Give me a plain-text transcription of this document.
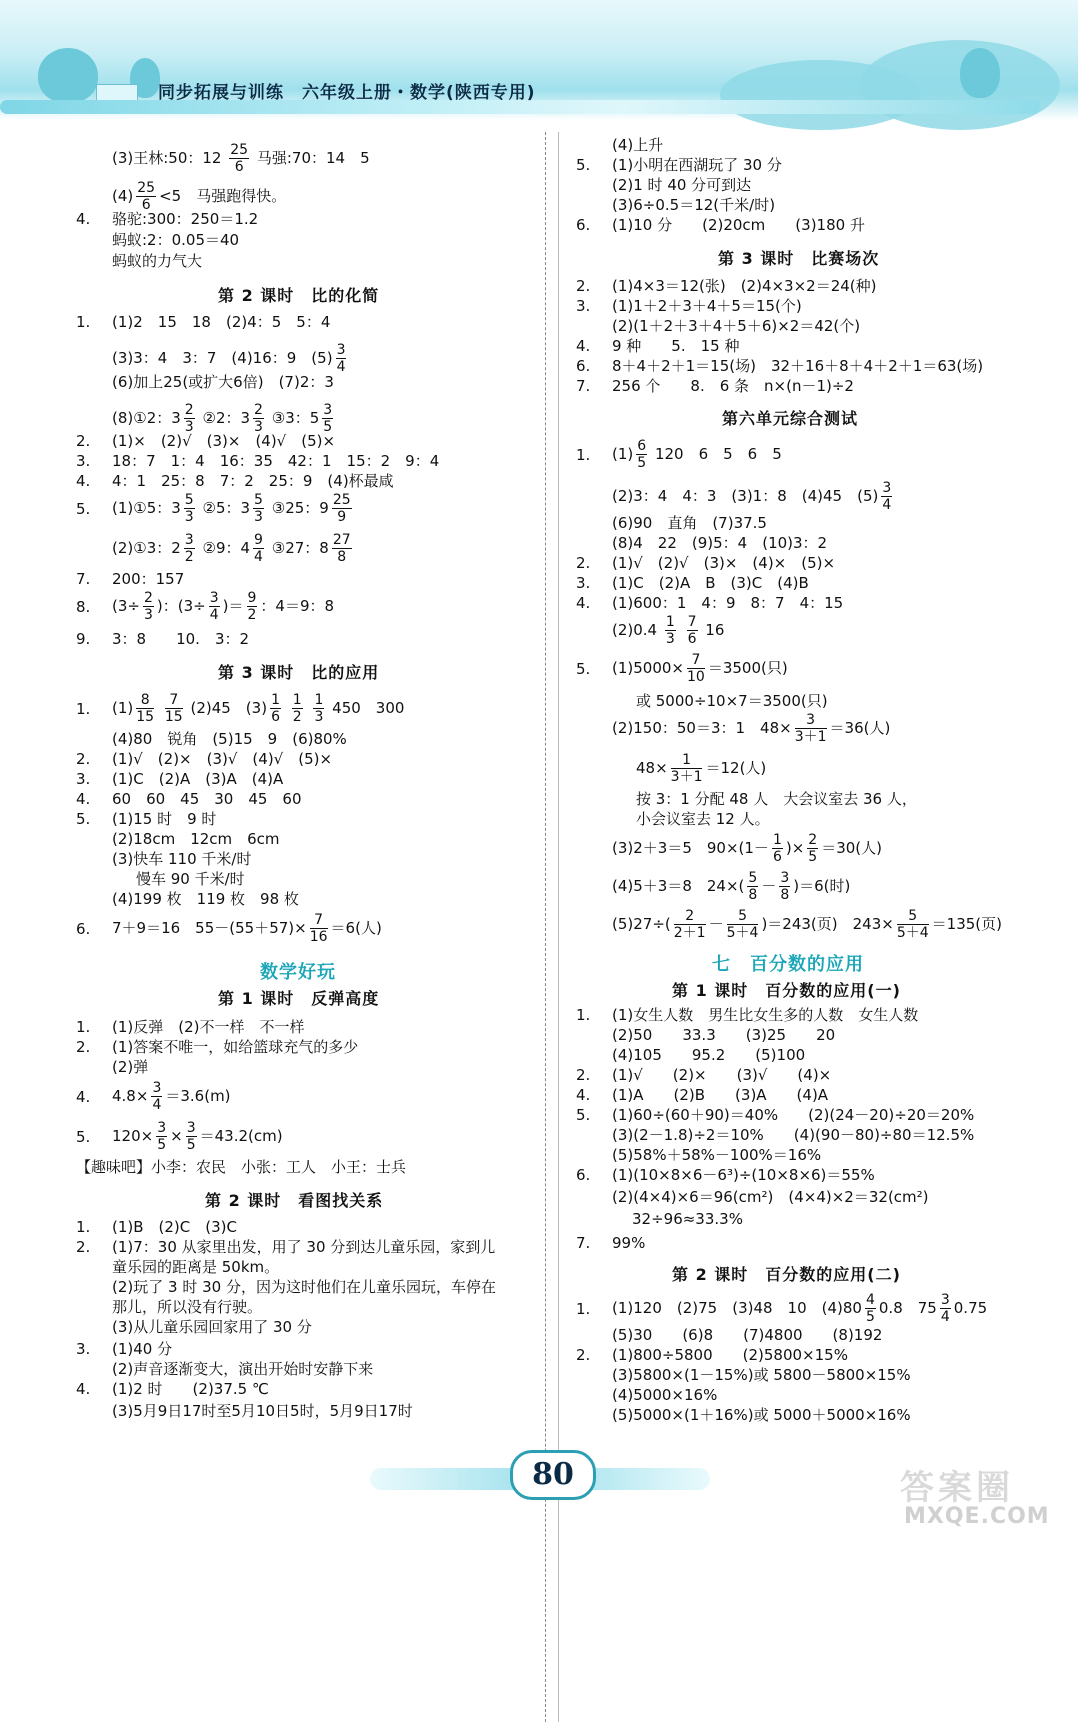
同步拓展与训练　六年级上册・数学(陕西专用)
(3)王林:50：$12 \frac{25}{6}$ 马强:70：14　5
$(4) \frac{25}{6} <5$　马强跑得快。
4. 骆驼:300：250＝1.2
蚂蚁:2：0.05＝40
蚂蚁的力气大
第 2 课时　比的化简
1. (1)2　15　18　(2)4：5　5：4
(3)3：4　3：7　(4)16：9　$(5) \frac{3}{4}$
(6)加上25(或扩大6倍)　(7)2：3
(8)①2：$3 \frac{2}{3}$ ②2：$3 \frac{2}{3}$ ③3：$5 \frac{3}{5}$
2. (1)×　(2)√　(3)×　(4)√　(5)×
3. 18：7　1：4　16：35　42：1　15：2　9：4
4. 4：1　25：8　7：2　25：9　(4)杯最咸
5. (1)①5：$3 \frac{5}{3}$ ②5：$3 \frac{5}{3}$ ③25：$9 \frac{25}{9}$
(2)①3：$2 \frac{3}{2}$ ②9：$4 \frac{9}{4}$ ③27：$8 \frac{27}{8}$
7. 200：157
8. ($3\div \frac{2}{3}$ )：($3\div \frac{3}{4}$ )＝ $\frac{9}{2}$ ：4＝9：8
9. 3：8　　10.　3：2
第 3 课时　比的应用
1. $(1) \frac{8}{15}$
$\frac{7}{15} (2)45$　$(3) \frac{1}{6}$
$\frac{1}{2}$
$\frac{1}{3} 450$　300
(4)80　锐角　(5)15　9　(6)80%
2. (1)√　(2)×　(3)√　(4)√　(5)×
3. (1)C　(2)A　(3)A　(4)A
4. 60　60　45　30　45　60
5. (1)15 时　9 时
(2)18cm　12cm　6cm
(3)快车 110 千米/时
慢车 90 千米/时
(4)199 枚　119 枚　98 枚
6. 7＋9＝16　$55-(55+57)\times \frac{7}{16} =6$(人)
数学好玩
第 1 课时　反弹高度
1. (1)反弹　(2)不一样　不一样
2. (1)答案不唯一，如给篮球充气的多少
(2)弹
4. $4.8\times \frac{3}{4} =3.6(m)$
5. $120\times \frac{3}{5} \times \frac{3}{5} =43.2(cm)$
【趣味吧】小李：农民　小张：工人　小王：士兵
第 2 课时　看图找关系
1. (1)B　(2)C　(3)C
2. (1)7：30 从家里出发，用了 30 分到达儿童乐园，家到儿
童乐园的距离是 50km。
(2)玩了 3 时 30 分，因为这时他们在儿童乐园玩，车停在
那儿，所以没有行驶。
(3)从儿童乐园回家用了 30 分
3. (1)40 分
(2)声音逐渐变大，演出开始时安静下来
4. (1)2 时　　(2)37.5 ℃
(3)5月9日17时至5月10日5时，5月9日17时
(4)上升
5. (1)小明在西湖玩了 30 分
(2)1 时 40 分可到达
(3)6÷0.5＝12(千米/时)
6. (1)10 分　　(2)20cm　　(3)180 升
第 3 课时　比赛场次
2. (1)4×3＝12(张)　(2)4×3×2＝24(种)
3. (1)1＋2＋3＋4＋5＝15(个)
(2)(1＋2＋3＋4＋5＋6)×2＝42(个)
4. 9 种　　5.　15 种
6. 8＋4＋2＋1＝15(场)　32＋16＋8＋4＋2＋1＝63(场)
7. 256 个　　8.　6 条　n×(n－1)÷2
第六单元综合测试
1. $(1) \frac{6}{5} 120$　6　5　6　5
(2)3：4　4：3　(3)1：8　(4)45　$(5) \frac{3}{4}$
(6)90　直角　(7)37.5
(8)4　22　(9)5：4　(10)3：2
2. (1)√　(2)√　(3)×　(4)×　(5)×
3. (1)C　(2)A　B　(3)C　(4)B
4. (1)600：1　4：9　8：7　4：15
$(2)0.4 \frac{1}{3}$
$\frac{7}{6} 16$
5. $(1)5000\times \frac{7}{10} =3500$(只)
或 5000÷10×7＝3500(只)
(2)150：50＝3：1　$48\times \frac{3}{3+1} =36$(人)
$48\times \frac{1}{3+1} =12$(人)
按 3：1 分配 48 人　大会议室去 36 人，
小会议室去 12 人。
(3)2＋3＝5　$90\times(1- \frac{1}{6}$ )× $\frac{2}{5} =30$(人)
(4)5＋3＝8　$24\times( \frac{5}{8} - \frac{3}{8} )=6$(时)
$(5)27\div( \frac{2}{2+1} - \frac{5}{5+4} )=243$(页)　$243\times \frac{5}{5+4} =135$(页)
七　百分数的应用
第 1 课时　百分数的应用(一)
1. (1)女生人数　男生比女生多的人数　女生人数
(2)50　　33.3　　(3)25　　20
(4)105　　95.2　　(5)100
2. (1)√　　(2)×　　(3)√　　(4)×
4. (1)A　　(2)B　　(3)A　　(4)A
5. (1)60÷(60＋90)＝40%　　(2)(24－20)÷20＝20%
(3)(2－1.8)÷2＝10%　　(4)(90－80)÷80＝12.5%
(5)58%＋58%－100%＝16%
6. (1)(10×8×6－6³)÷(10×8×6)＝55%
(2)(4×4)×6＝96(cm²)　(4×4)×2＝32(cm²)
32÷96≈33.3%
7. 99%
第 2 课时　百分数的应用(二)
1. (1)120　(2)75　(3)48　10　$(4)80 \frac{4}{5} 0.8$　$75 \frac{3}{4} 0.75$
(5)30　　(6)8　　(7)4800　　(8)192
2. (1)800÷5800　　(2)5800×15%
(3)5800×(1－15%)或 5800－5800×15%
(4)5000×16%
(5)5000×(1＋16%)或 5000＋5000×16%
80	答案圈
MXQE.COM
